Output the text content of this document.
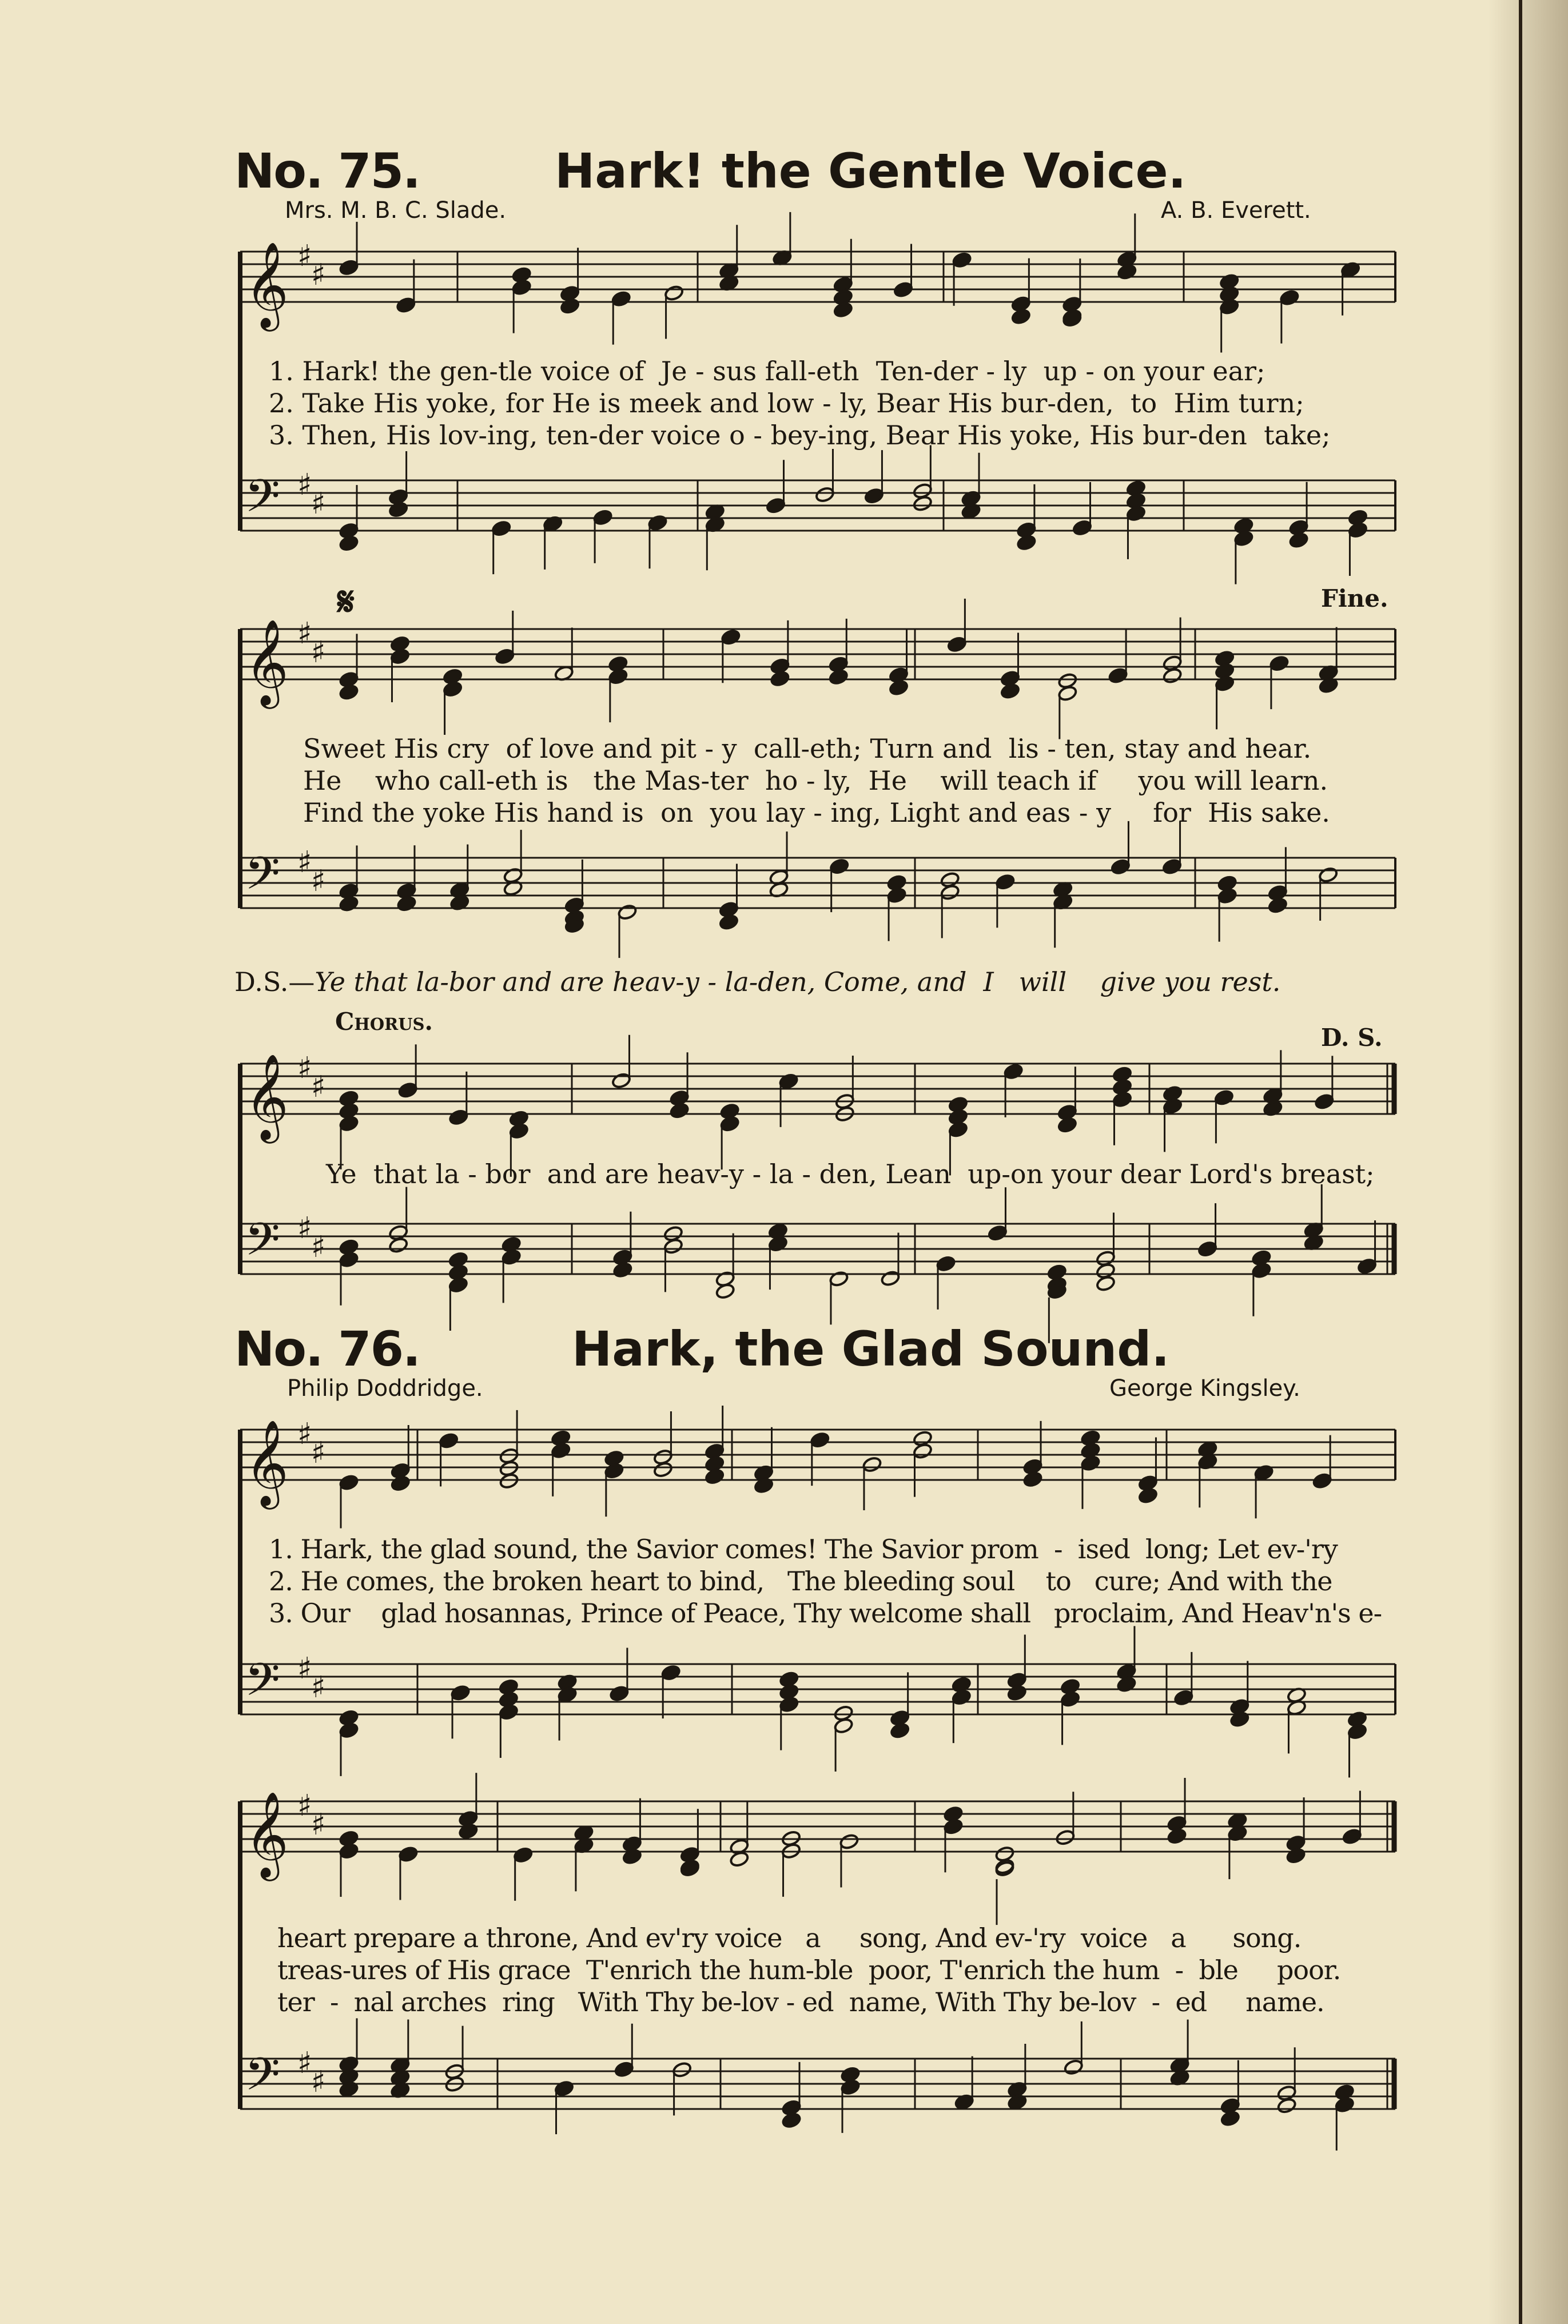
No. 75.	Hark! the Gentle Voice.
Mrs. M. B. C. Slade.	A. B. Everett.
𝄞 ♯
♯
𝄢 ♯
♯
1. Hark! the gen-tle voice of  Je - sus fall-eth  Ten-der - ly  up - on your ear;
2. Take His yoke, for He is meek and low - ly, Bear His bur-den,  to  Him turn;
3. Then, His lov-ing, ten-der voice o - bey-ing, Bear His yoke, His bur-den  take;
𝄋	Fine.
𝄞 ♯
♯
𝄢 ♯
♯
Sweet His cry  of love and pit - y  call-eth; Turn and  lis - ten, stay and hear.
He    who call-eth is   the Mas-ter  ho - ly,  He    will teach if     you will learn.
Find the yoke His hand is  on  you lay - ing, Light and eas - y     for  His sake.
D.S.—Ye that la-bor and are heav-y - la-den, Come, and  I   will    give you rest.
Chorus.
D. S.
𝄞 ♯
♯
𝄢 ♯
♯
Ye  that la - bor  and are heav-y - la - den, Lean  up-on your dear Lord's breast;
No. 76.	Hark, the Glad Sound.
Philip Doddridge.	George Kingsley.
𝄞 ♯
♯
𝄢 ♯
♯
1. Hark, the glad sound, the Savior comes! The Savior prom  -  ised  long; Let ev-'ry
2. He comes, the broken heart to bind,   The bleeding soul    to   cure; And with the
3. Our    glad hosannas, Prince of Peace, Thy welcome shall   proclaim, And Heav'n's e-
𝄞 ♯
♯
𝄢 ♯
♯
heart prepare a throne, And ev'ry voice   a     song, And ev-'ry  voice   a      song.
treas-ures of His grace  T'enrich the hum-ble  poor, T'enrich the hum  -  ble     poor.
ter  -  nal arches  ring   With Thy be-lov - ed  name, With Thy be-lov  -  ed     name.
